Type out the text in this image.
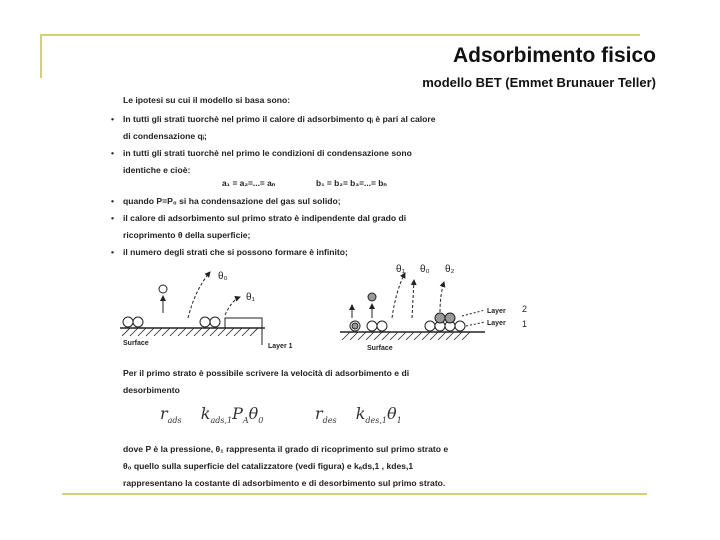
Adsorbimento fisico
modello BET (Emmet Brunauer Teller)
Le ipotesi su cui il modello si basa sono:
• In tutti gli strati tuorchè nel primo il calore di adsorbimento qᵢ è pari al calore
di condensazione qᵢ;
• in tutti gli strati tuorchè nel primo le condizioni di condensazione sono
identiche e cioè:
a₁ = a₂=...= aₙ	b₁ = b₂= b₃=...= bₙ
• quando P=P₀ si ha condensazione del gas sul solido;
• il calore di adsorbimento sul primo strato è indipendente dal grado di
ricoprimento θ della superficie;
• il numero degli strati che si possono formare è infinito;
θ₀
θ₁
Surface	Layer 1
θ₁ θ₀ θ₂
Layer
Layer
2
1
Surface
Per il primo strato è possibile scrivere la velocità di adsorbimento e di
desorbimento
$r_{ads}$ $k_{ads,1}P_A\theta_0$	$r_{des}$ $k_{des,1}\theta_1$
dove P è la pressione, θ₁ rappresenta il grado di ricoprimento sul primo strato e
θ₀ quello sulla superficie del catalizzatore (vedi figura) e kₐds,1 , kdes,1
rappresentano la costante di adsorbimento e di desorbimento sul primo strato.
